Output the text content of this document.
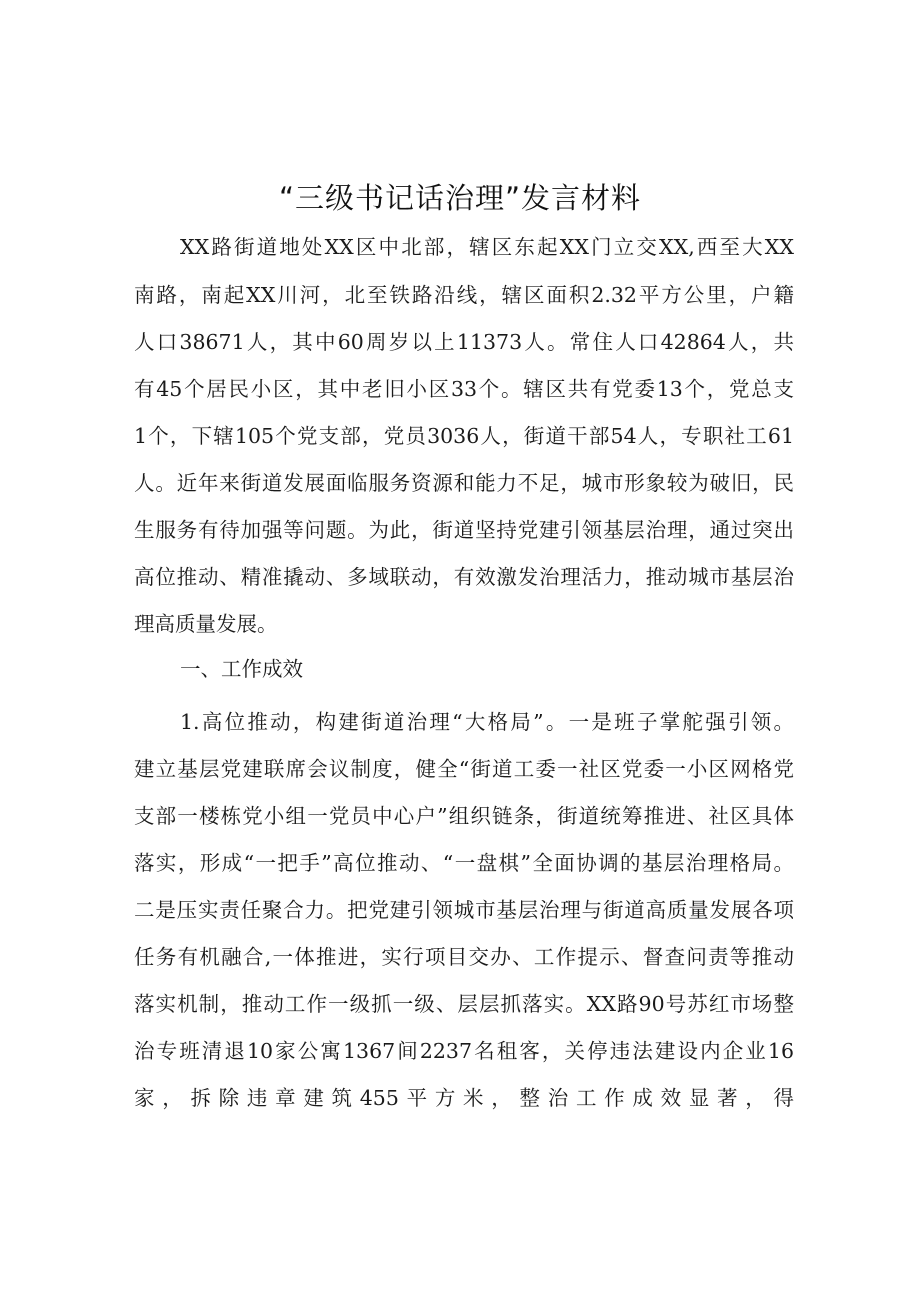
“三级书记话治理”发言材料

XX路街道地处XX区中北部，辖区东起XX门立交XX,西至大XX

南路，南起XX川河，北至铁路沿线，辖区面积2.32平方公里，户籍

人口38671人，其中60周岁以上11373人。常住人口42864人，共

有45个居民小区，其中老旧小区33个。辖区共有党委13个，党总支

1个，下辖105个党支部，党员3036人，街道干部54人，专职社工61

人。近年来街道发展面临服务资源和能力不足，城市形象较为破旧，民

生服务有待加强等问题。为此，街道坚持党建引领基层治理，通过突出

高位推动、精准撬动、多域联动，有效激发治理活力，推动城市基层治

理高质量发展。

一、工作成效

1.高位推动，构建街道治理“大格局”。一是班子掌舵强引领。

建立基层党建联席会议制度，健全“街道工委一社区党委一小区网格党

支部一楼栋党小组一党员中心户”组织链条，街道统筹推进、社区具体

落实，形成“一把手”高位推动、“一盘棋”全面协调的基层治理格局。

二是压实责任聚合力。把党建引领城市基层治理与街道高质量发展各项

任务有机融合,一体推进，实行项目交办、工作提示、督查问责等推动

落实机制，推动工作一级抓一级、层层抓落实。XX路90号苏红市场整

治专班清退10家公寓1367间2237名租客，关停违法建设内企业16

家，拆除违章建筑455平方米，整治工作成效显著，得
